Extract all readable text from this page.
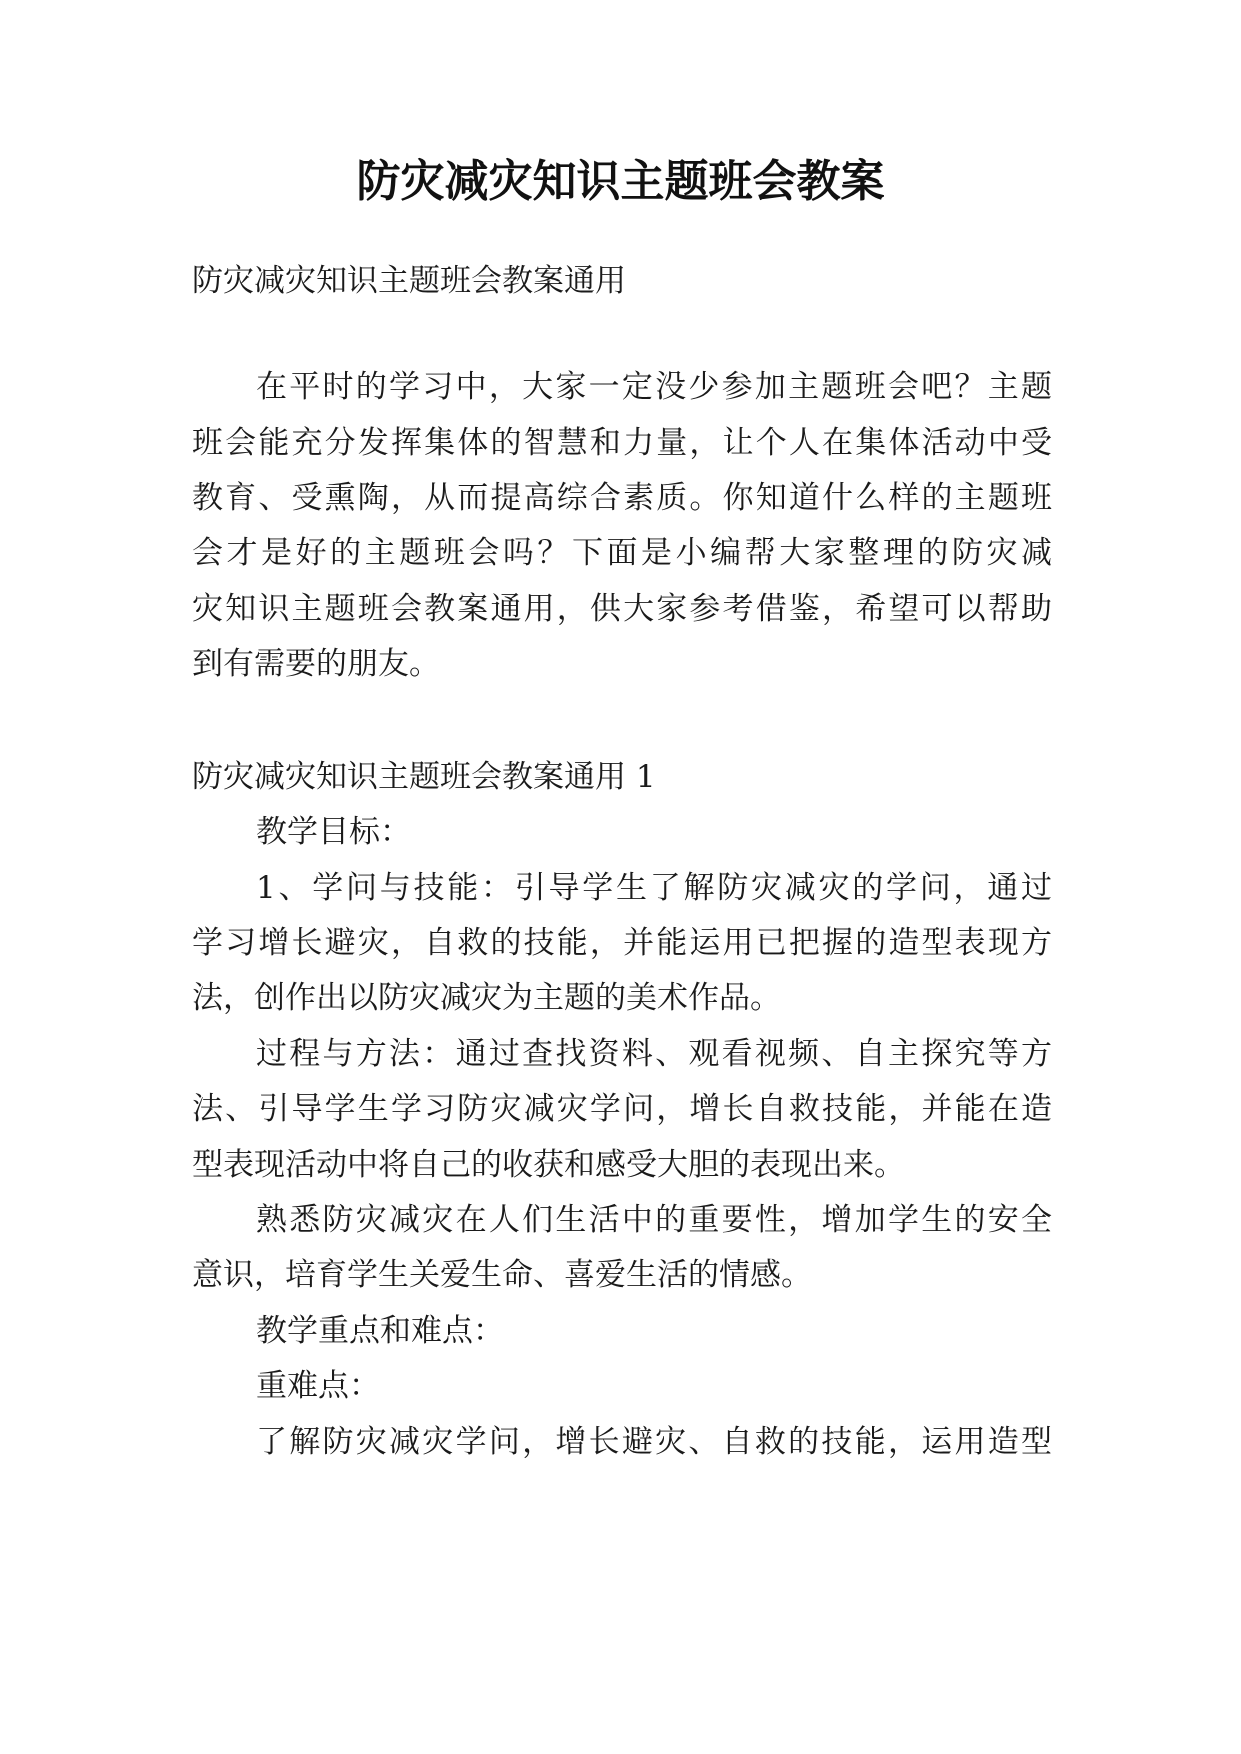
防灾减灾知识主题班会教案

防灾减灾知识主题班会教案通用

在平时的学习中，大家一定没少参加主题班会吧？主题

班会能充分发挥集体的智慧和力量，让个人在集体活动中受

教育、受熏陶，从而提高综合素质。你知道什么样的主题班

会才是好的主题班会吗？下面是小编帮大家整理的防灾减

灾知识主题班会教案通用，供大家参考借鉴，希望可以帮助

到有需要的朋友。

防灾减灾知识主题班会教案通用 1

教学目标：

1、学问与技能：引导学生了解防灾减灾的学问，通过

学习增长避灾，自救的技能，并能运用已把握的造型表现方

法，创作出以防灾减灾为主题的美术作品。

过程与方法：通过查找资料、观看视频、自主探究等方

法、引导学生学习防灾减灾学问，增长自救技能，并能在造

型表现活动中将自己的收获和感受大胆的表现出来。

熟悉防灾减灾在人们生活中的重要性，增加学生的安全

意识，培育学生关爱生命、喜爱生活的情感。

教学重点和难点：

重难点：

了解防灾减灾学问，增长避灾、自救的技能，运用造型
